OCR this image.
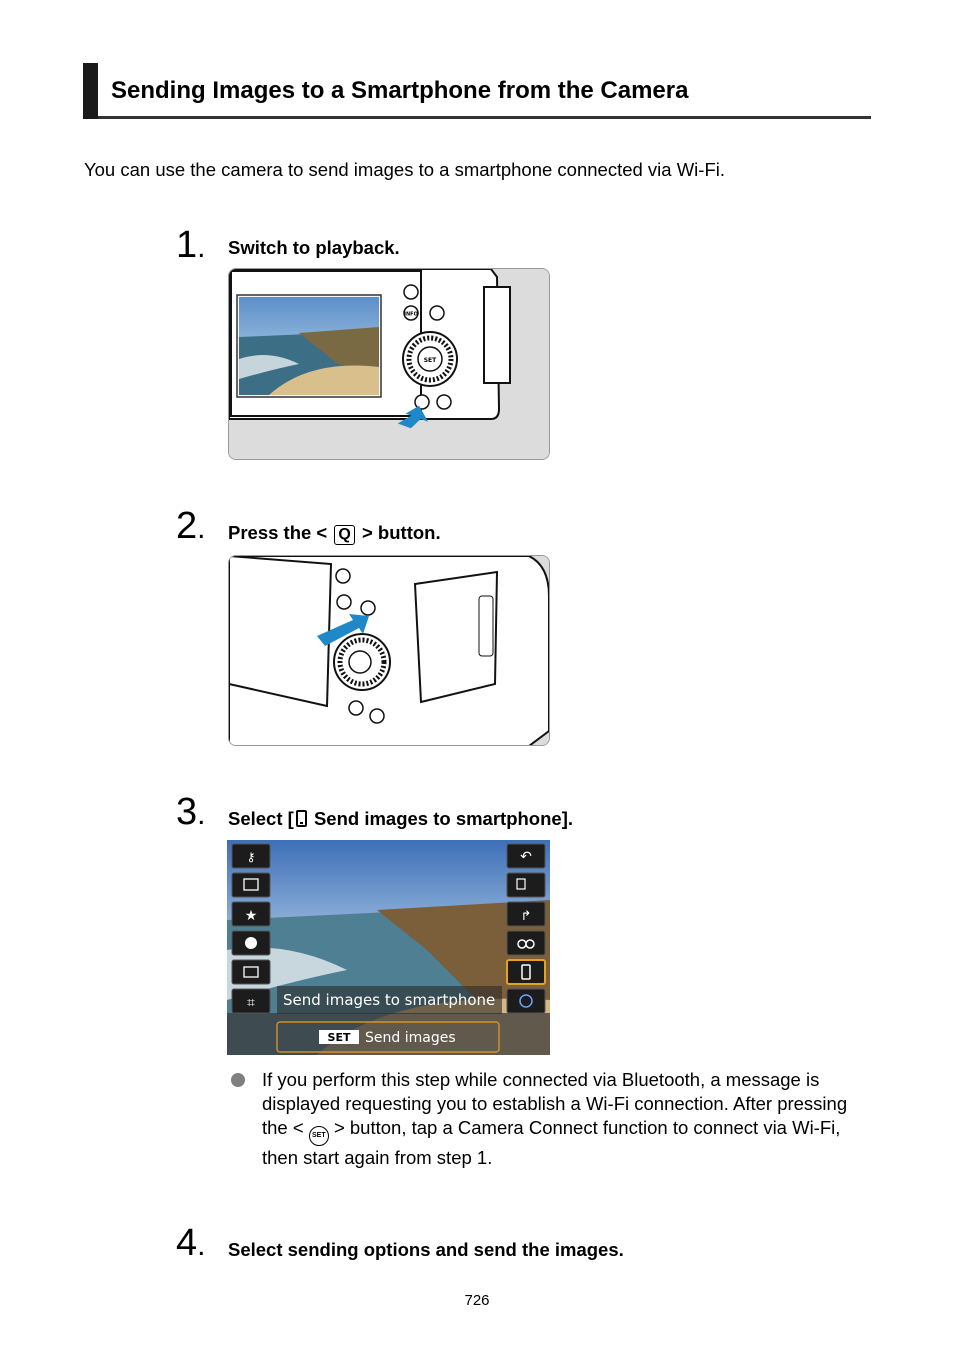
Sending Images to a Smartphone from the Camera
You can use the camera to send images to a smartphone connected via Wi-Fi.
1. Switch to playback.
INFO
SET
2. Press the < Q > button.
3. Select [ Send images to smartphone].
⚷
★
⌗
↶
↱
Send images to smartphone
SET Send images

If you perform this step while connected via Bluetooth, a message is displayed requesting you to establish a Wi-Fi connection. After pressing the < SET > button, tap a Camera Connect function to connect via Wi-Fi, then start again from step 1.

4. Select sending options and send the images.
726
